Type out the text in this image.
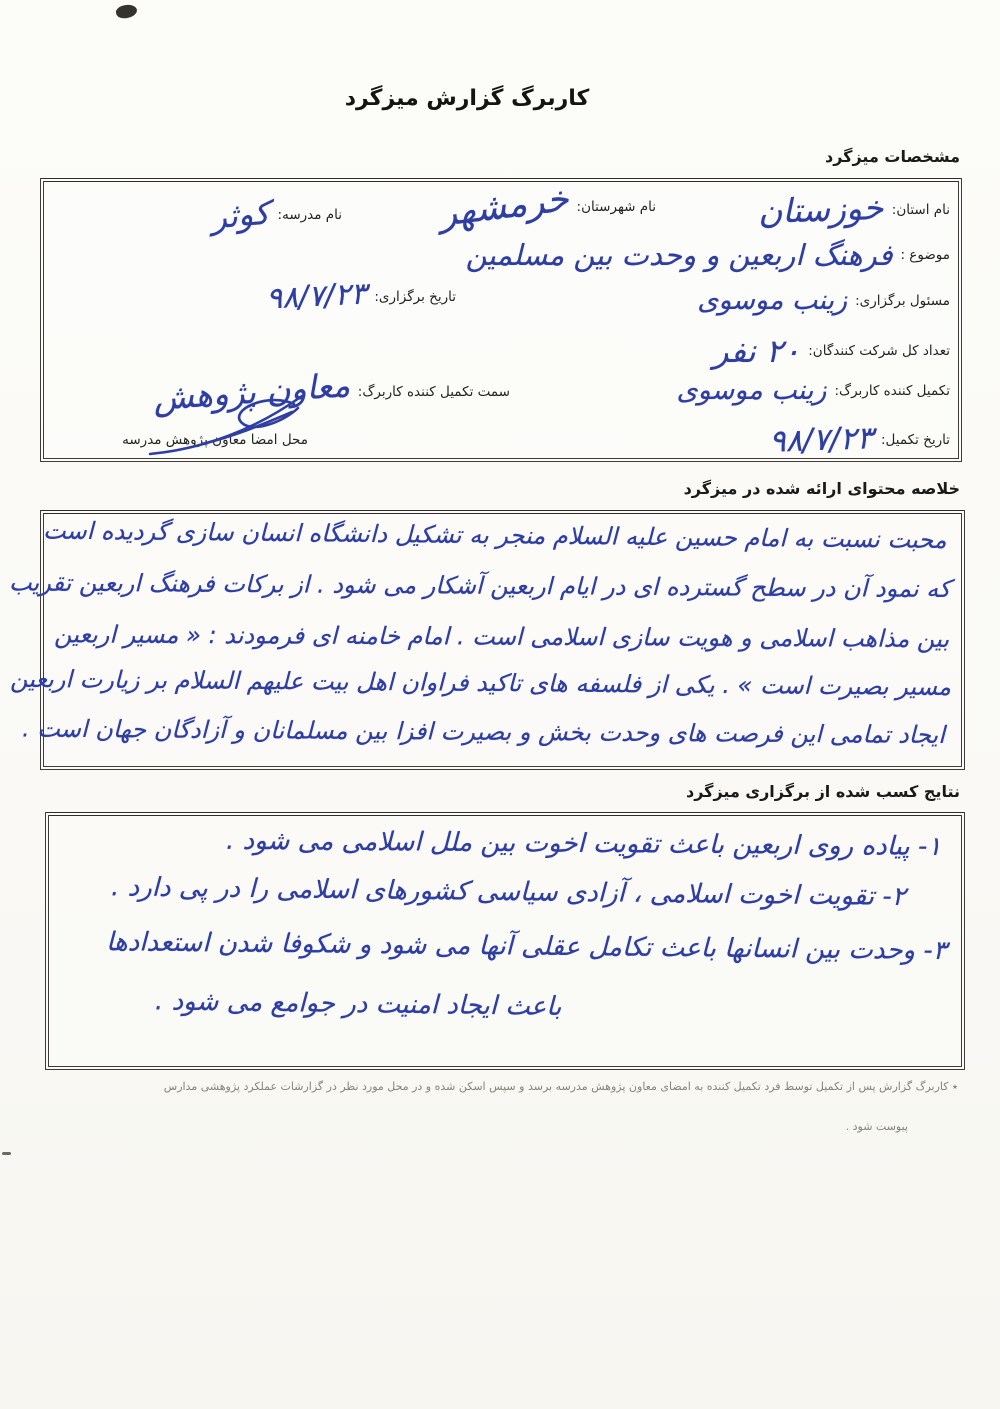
کاربرگ گزارش میزگرد
مشخصات میزگرد
نام استان:
خوزستان
نام شهرستان:
خرمشهر
نام مدرسه:
کوثر
موضوع :
فرهنگ اربعین و وحدت بین مسلمین
مسئول برگزاری:
زینب موسوی
تاریخ برگزاری:
۹۸/۷/۲۳
تعداد کل شرکت کنندگان:
۲۰ نفر
تکمیل کننده کاربرگ:
زینب موسوی
سمت تکمیل کننده کاربرگ:
معاون پژوهش
تاریخ تکمیل:
۹۸/۷/۲۳
محل امضا معاون پژوهش مدرسه
خلاصه محتوای ارائه شده در میزگرد
محبت نسبت به امام حسین علیه السلام منجر به تشکیل دانشگاه انسان سازی گردیده است
که نمود آن در سطح گسترده ای در ایام اربعین آشکار می شود . از برکات فرهنگ اربعین تقریب
بین مذاهب اسلامی و هویت سازی اسلامی است . امام خامنه ای فرمودند : « مسیر اربعین
مسیر بصیرت است » . یکی از فلسفه های تاکید فراوان اهل بیت علیهم السلام بر زیارت اربعین
ایجاد تمامی این فرصت های وحدت بخش و بصیرت افزا بین مسلمانان و آزادگان جهان است .
نتایج کسب شده از برگزاری میزگرد
۱- پیاده روی اربعین باعث تقویت اخوت بین ملل اسلامی می شود .
۲- تقویت اخوت اسلامی ، آزادی سیاسی کشورهای اسلامی را در پی دارد .
۳- وحدت بین انسانها باعث تکامل عقلی آنها می شود و شکوفا شدن استعدادها
باعث ایجاد امنیت در جوامع می شود .
٭ کاربرگ گزارش پس از تکمیل توسط فرد تکمیل کننده به امضای معاون پژوهش مدرسه برسد و سپس اسکن شده و در محل مورد نظر در گزارشات عملکرد پژوهشی مدارس
پیوست شود .
